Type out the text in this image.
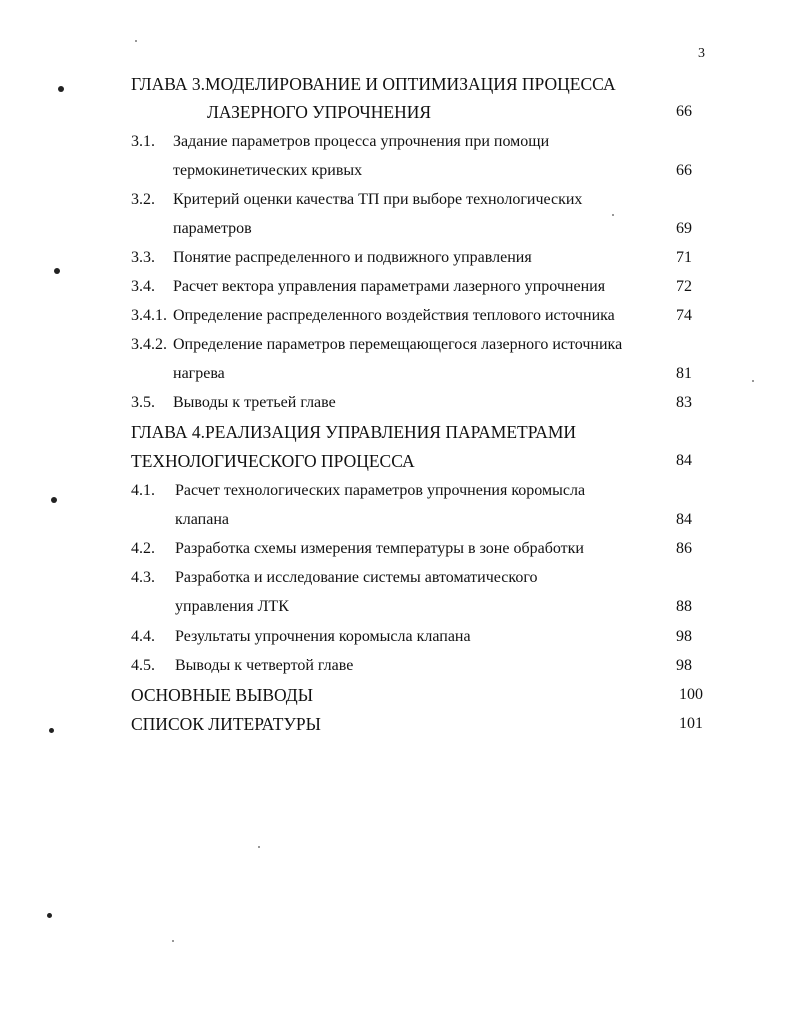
3
ГЛАВА 3.МОДЕЛИРОВАНИЕ И ОПТИМИЗАЦИЯ ПРОЦЕССА
ЛАЗЕРНОГО УПРОЧНЕНИЯ	66
3.1. Задание параметров процесса упрочнения при помощи
термокинетических кривых	66
3.2. Критерий оценки качества ТП при выборе технологических
параметров	69
3.3. Понятие распределенного и подвижного управления	71
3.4. Расчет вектора управления параметрами лазерного упрочнения	72
3.4.1. Определение распределенного воздействия теплового источника	74
3.4.2. Определение параметров перемещающегося лазерного источника
нагрева	81
3.5. Выводы к третьей главе	83
ГЛАВА 4.РЕАЛИЗАЦИЯ УПРАВЛЕНИЯ ПАРАМЕТРАМИ
ТЕХНОЛОГИЧЕСКОГО ПРОЦЕССА	84
4.1. Расчет технологических параметров упрочнения коромысла
клапана	84
4.2. Разработка схемы измерения температуры в зоне обработки	86
4.3. Разработка и исследование системы автоматического
управления ЛТК	88
4.4. Результаты упрочнения коромысла клапана	98
4.5. Выводы к четвертой главе	98
ОСНОВНЫЕ ВЫВОДЫ	100
СПИСОК ЛИТЕРАТУРЫ	101
